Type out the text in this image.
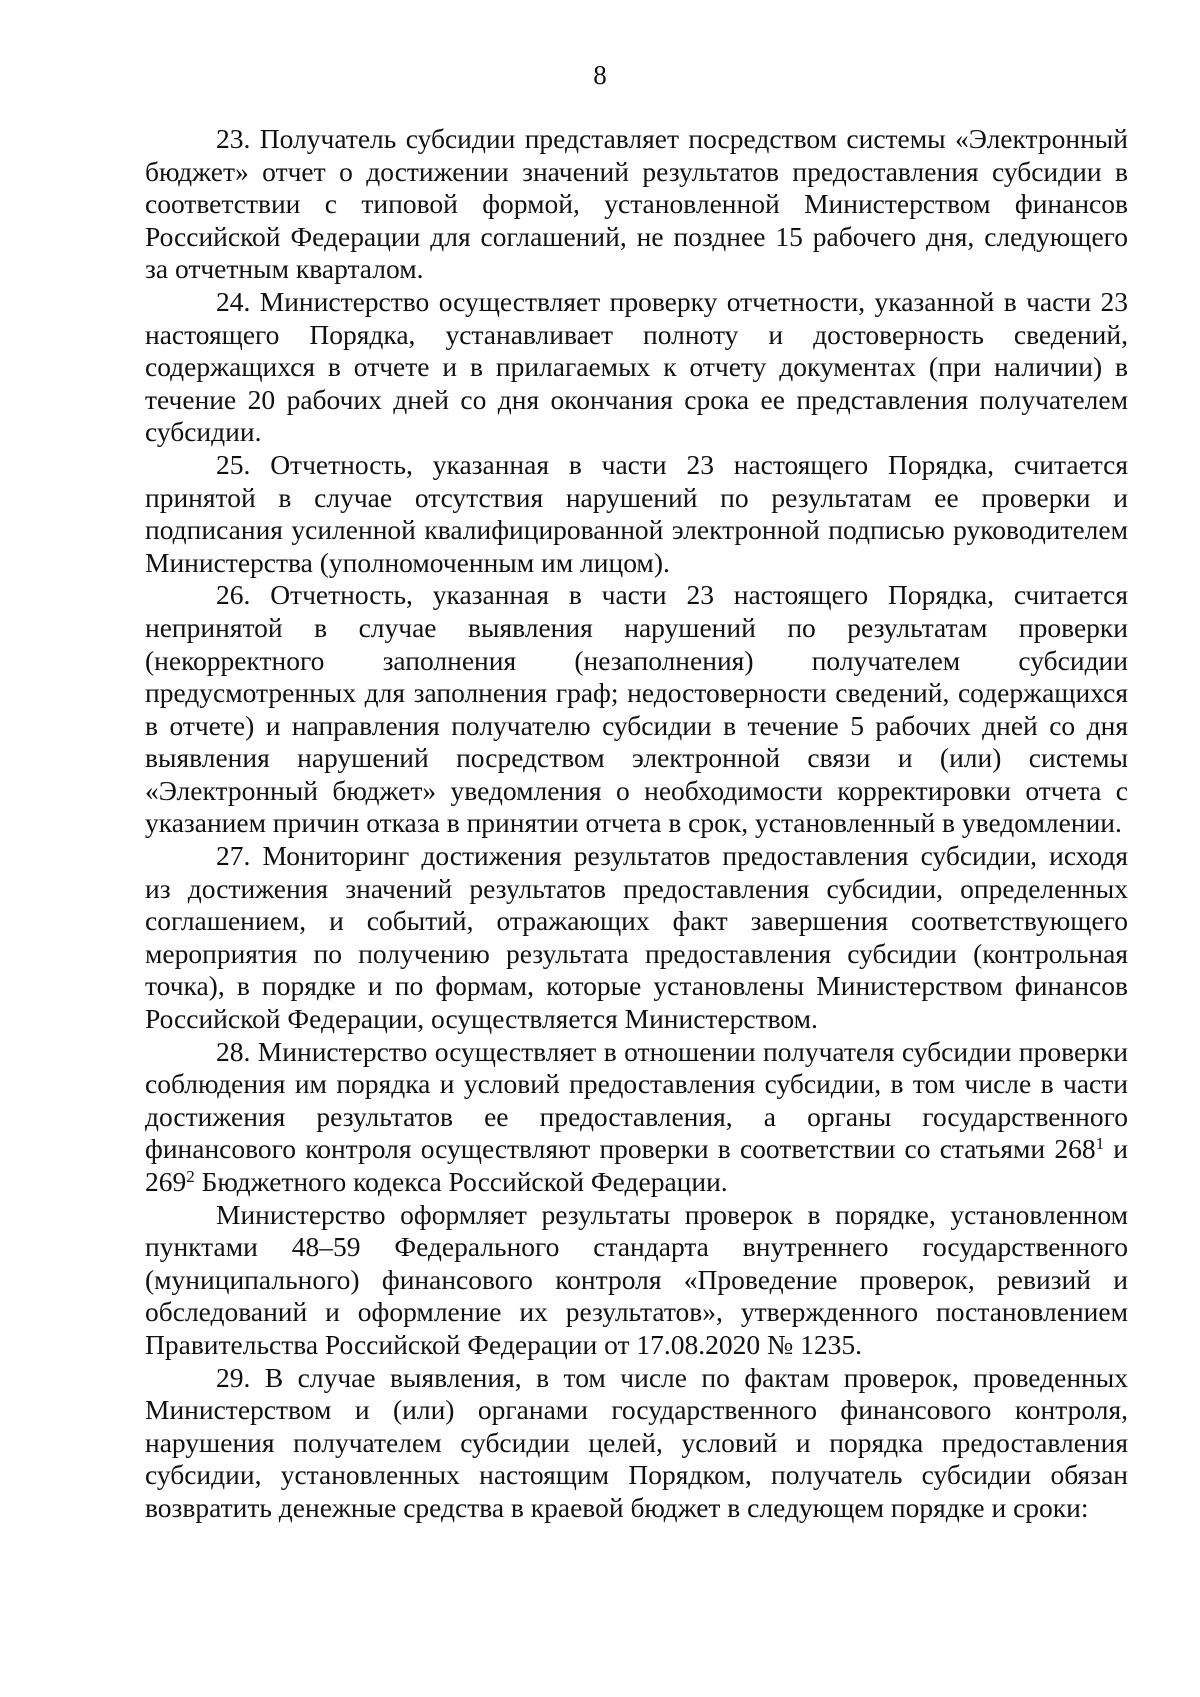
8

23. Получатель субсидии представляет посредством системы «Электронный бюджет» отчет о достижении значений результатов предоставления субсидии в соответствии с типовой формой, установленной Министерством финансов Российской Федерации для соглашений, не позднее 15 рабочего дня, следующего за отчетным кварталом.

24. Министерство осуществляет проверку отчетности, указанной в части 23 настоящего Порядка, устанавливает полноту и достоверность сведений, содержащихся в отчете и в прилагаемых к отчету документах (при наличии) в течение 20 рабочих дней со дня окончания срока ее представления получателем субсидии.

25. Отчетность, указанная в части 23 настоящего Порядка, считается принятой в случае отсутствия нарушений по результатам ее проверки и подписания усиленной квалифицированной электронной подписью руководителем Министерства (уполномоченным им лицом).

26. Отчетность, указанная в части 23 настоящего Порядка, считается непринятой в случае выявления нарушений по результатам проверки (некорректного заполнения (незаполнения) получателем субсидии предусмотренных для заполнения граф; недостоверности сведений, содержащихся в отчете) и направления получателю субсидии в течение 5 рабочих дней со дня выявления нарушений посредством электронной связи и (или) системы «Электронный бюджет» уведомления о необходимости корректировки отчета с указанием причин отказа в принятии отчета в срок, установленный в уведомлении.

27. Мониторинг достижения результатов предоставления субсидии, исходя из достижения значений результатов предоставления субсидии, определенных соглашением, и событий, отражающих факт завершения соответствующего мероприятия по получению результата предоставления субсидии (контрольная точка), в порядке и по формам, которые установлены Министерством финансов Российской Федерации, осуществляется Министерством.

28. Министерство осуществляет в отношении получателя субсидии проверки соблюдения им порядка и условий предоставления субсидии, в том числе в части достижения результатов ее предоставления, а органы государственного финансового контроля осуществляют проверки в соответствии со статьями $268^1$ и $269^2$ Бюджетного кодекса Российской Федерации.

Министерство оформляет результаты проверок в порядке, установленном пунктами 48–59 Федерального стандарта внутреннего государственного (муниципального) финансового контроля «Проведение проверок, ревизий и обследований и оформление их результатов», утвержденного постановлением Правительства Российской Федерации от 17.08.2020 № 1235.

29. В случае выявления, в том числе по фактам проверок, проведенных Министерством и (или) органами государственного финансового контроля, нарушения получателем субсидии целей, условий и порядка предоставления субсидии, установленных настоящим Порядком, получатель субсидии обязан возвратить денежные средства в краевой бюджет в следующем порядке и сроки:
